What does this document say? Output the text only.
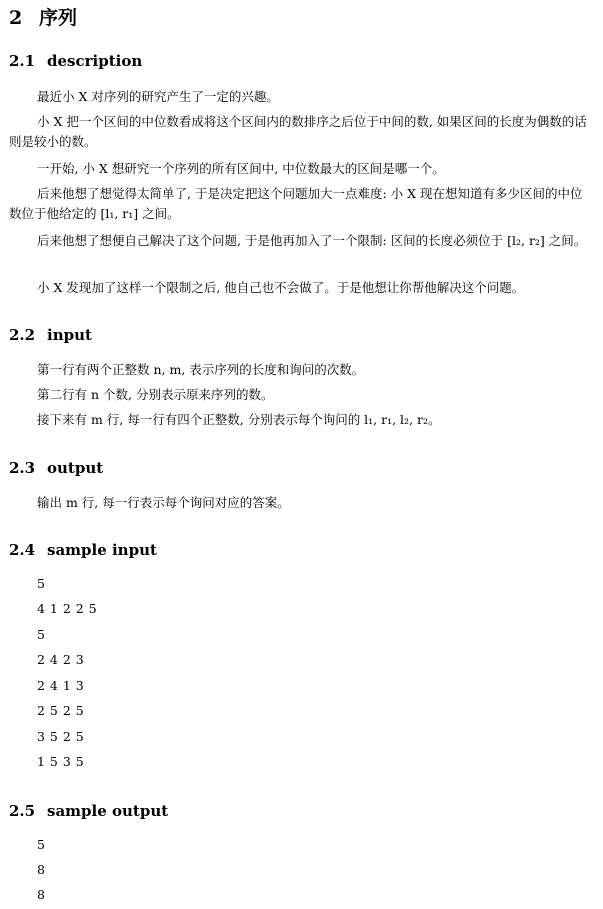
2 序列
2.1 description
最近小 X 对序列的研究产生了一定的兴趣。
小 X 把一个区间的中位数看成将这个区间内的数排序之后位于中间的数, 如果区间的长度为偶数的话则是较小的数。
一开始, 小 X 想研究一个序列的所有区间中, 中位数最大的区间是哪一个。
后来他想了想觉得太简单了, 于是决定把这个问题加大一点难度: 小 X 现在想知道有多少区间的中位数位于他给定的 [l₁, r₁] 之间。
后来他想了想便自己解决了这个问题, 于是他再加入了一个限制: 区间的长度必须位于 [l₂, r₂] 之间。
小 X 发现加了这样一个限制之后, 他自己也不会做了。于是他想让你帮他解决这个问题。
2.2 input
第一行有两个正整数 n, m, 表示序列的长度和询问的次数。
第二行有 n 个数, 分别表示原来序列的数。
接下来有 m 行, 每一行有四个正整数, 分别表示每个询问的 l₁, r₁, l₂, r₂。
2.3 output
输出 m 行, 每一行表示每个询问对应的答案。
2.4 sample input
5
4 1 2 2 5
5
2 4 2 3
2 4 1 3
2 5 2 5
3 5 2 5
1 5 3 5
2.5 sample output
5
8
8
